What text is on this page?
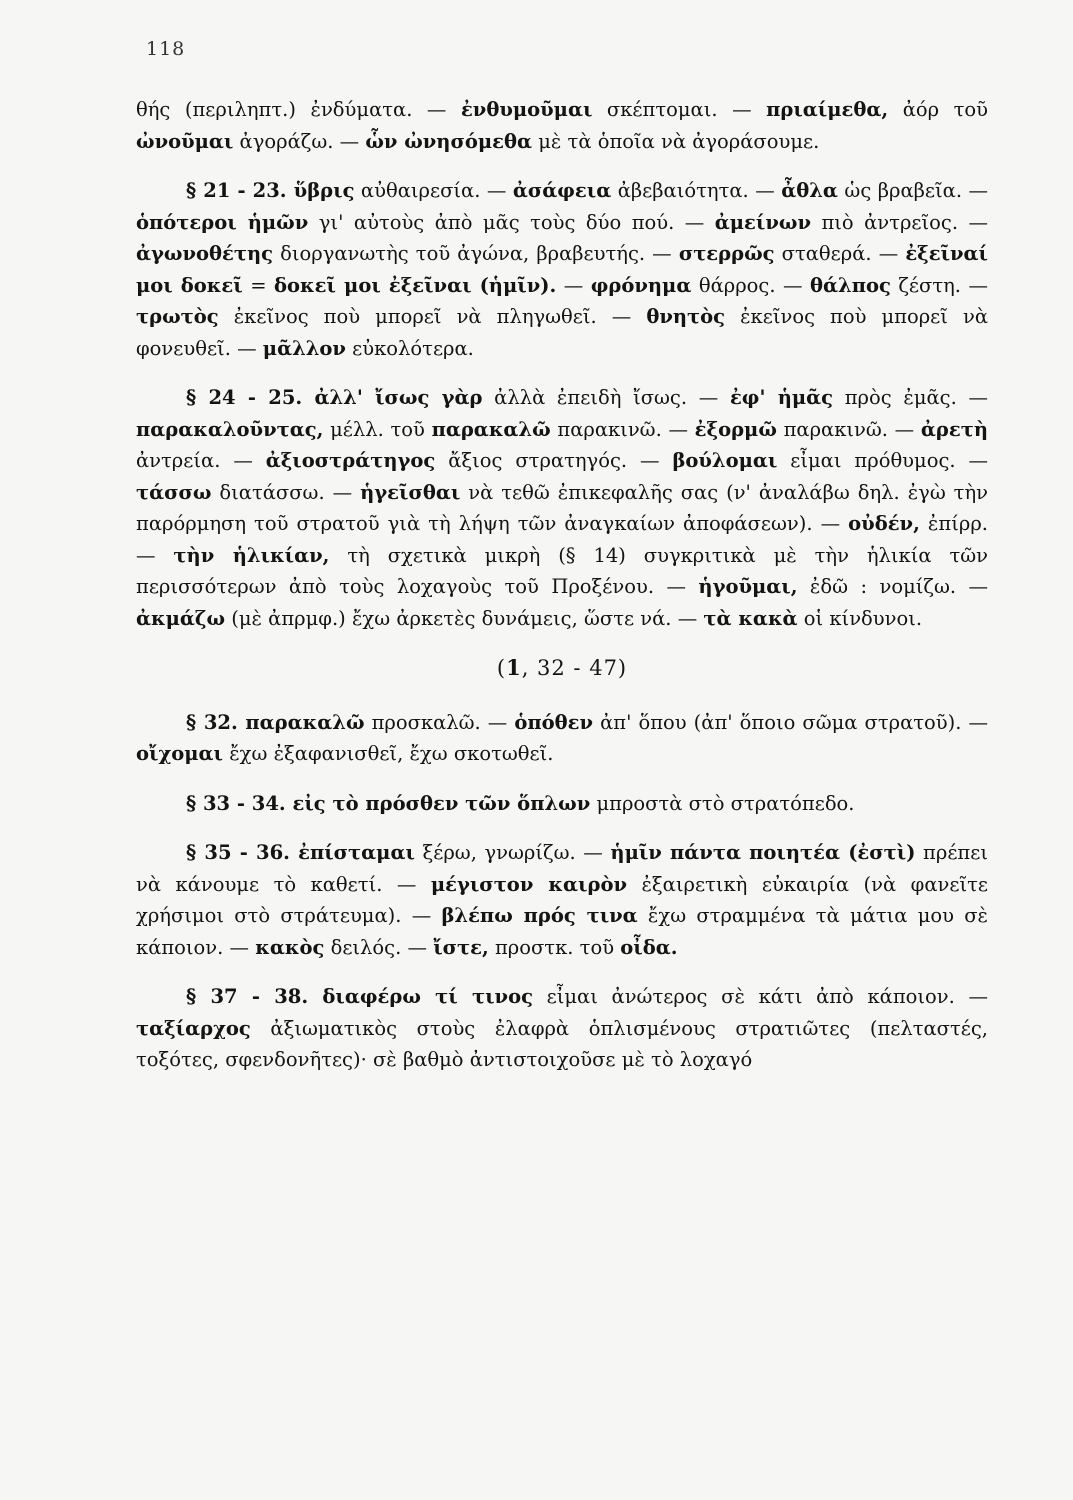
118
θής (περιληπτ.) ἐνδύματα. — ἐνθυμοῦμαι σκέπτομαι. — πριαίμεθα, ἀόρ τοῦ ὠνοῦμαι ἀγοράζω. — ὧν ὠνησόμεθα μὲ τὰ ὁποῖα νὰ ἀγοράσουμε.
§ 21 - 23. ὕβρις αὐθαιρεσία. — ἀσάφεια ἀβεβαιότητα. — ἆθλα ὡς βραβεῖα. — ὁπότεροι ἡμῶν γι' αὐτοὺς ἀπὸ μᾶς τοὺς δύο πού. — ἀμείνων πιὸ ἀντρεῖος. — ἀγωνοθέτης διοργανωτὴς τοῦ ἀγώνα, βραβευτής. — στερρῶς σταθερά. — ἐξεῖναί μοι δοκεῖ = δοκεῖ μοι ἐξεῖναι (ἡμῖν). — φρόνημα θάρρος. — θάλπος ζέστη. — τρωτὸς ἐκεῖνος ποὺ μπορεῖ νὰ πληγωθεῖ. — θνητὸς ἐκεῖνος ποὺ μπορεῖ νὰ φονευθεῖ. — μᾶλλον εὐκολότερα.
§ 24 - 25. ἀλλ' ἴσως γὰρ ἀλλὰ ἐπειδὴ ἴσως. — ἐφ' ἡμᾶς πρὸς ἐμᾶς. — παρακαλοῦντας, μέλλ. τοῦ παρακαλῶ παρακινῶ. — ἐξορμῶ παρακινῶ. — ἀρετὴ ἀντρεία. — ἀξιοστράτηγος ἄξιος στρατηγός. — βούλομαι εἶμαι πρόθυμος. — τάσσω διατάσσω. — ἡγεῖσθαι νὰ τεθῶ ἐπικεφαλῆς σας (ν' ἀναλάβω δηλ. ἐγὼ τὴν παρόρμηση τοῦ στρατοῦ γιὰ τὴ λήψη τῶν ἀναγκαίων ἀποφάσεων). — οὐδέν, ἐπίρρ. — τὴν ἡλικίαν, τὴ σχετικὰ μικρὴ (§ 14) συγκριτικὰ μὲ τὴν ἡλικία τῶν περισσότερων ἀπὸ τοὺς λοχαγοὺς τοῦ Προξένου. — ἡγοῦμαι, ἐδῶ : νομίζω. — ἀκμάζω (μὲ ἀπρμφ.) ἔχω ἀρκετὲς δυνάμεις, ὥστε νά. — τὰ κακὰ οἱ κίνδυνοι.
(1, 32 - 47)
§ 32. παρακαλῶ προσκαλῶ. — ὁπόθεν ἀπ' ὅπου (ἀπ' ὅποιο σῶμα στρατοῦ). — οἴχομαι ἔχω ἐξαφανισθεῖ, ἔχω σκοτωθεῖ.
§ 33 - 34. εἰς τὸ πρόσθεν τῶν ὅπλων μπροστὰ στὸ στρατόπεδο.
§ 35 - 36. ἐπίσταμαι ξέρω, γνωρίζω. — ἡμῖν πάντα ποιητέα (ἐστὶ) πρέπει νὰ κάνουμε τὸ καθετί. — μέγιστον καιρὸν ἐξαιρετικὴ εὐκαιρία (νὰ φανεῖτε χρήσιμοι στὸ στράτευμα). — βλέπω πρός τινα ἔχω στραμμένα τὰ μάτια μου σὲ κάποιον. — κακὸς δειλός. — ἴστε, προστκ. τοῦ οἶδα.
§ 37 - 38. διαφέρω τί τινος εἶμαι ἀνώτερος σὲ κάτι ἀπὸ κάποιον. — ταξίαρχος ἀξιωματικὸς στοὺς ἐλαφρὰ ὁπλισμένους στρατιῶτες (πελταστές, τοξότες, σφενδονῆτες)· σὲ βαθμὸ ἀντιστοιχοῦσε μὲ τὸ λοχαγό
